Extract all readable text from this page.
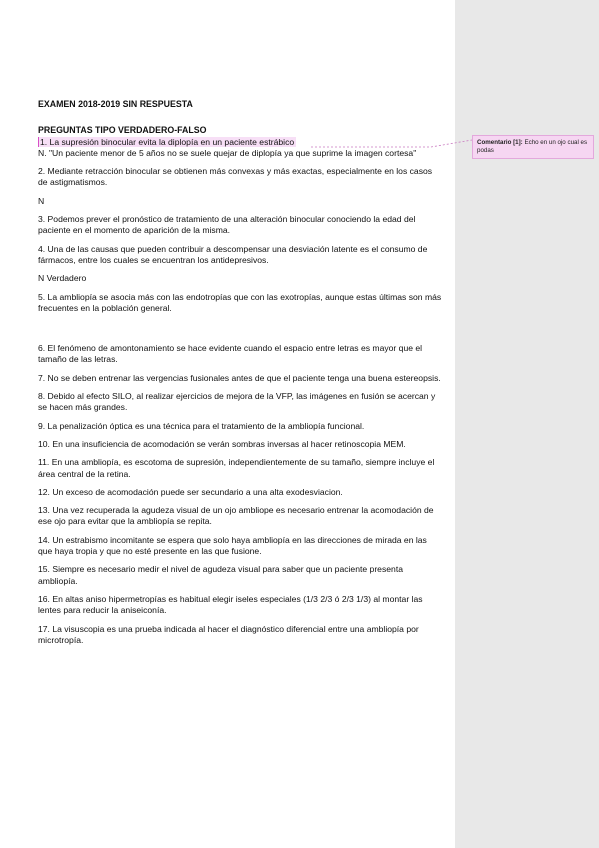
EXAMEN 2018-2019 SIN RESPUESTA

PREGUNTAS TIPO VERDADERO-FALSO

1. La supresión binocular evita la diplopía en un paciente estrábico

N. "Un paciente menor de 5 años no se suele quejar de diplopía ya que suprime la imagen cortesa"

2. Mediante retracción binocular se obtienen más convexas y más exactas, especialmente en los casos de astigmatismos.

N

3. Podemos prever el pronóstico de tratamiento de una alteración binocular conociendo la edad del paciente en el momento de aparición de la misma.

4. Una de las causas que pueden contribuir a descompensar una desviación latente es el consumo de fármacos, entre los cuales se encuentran los antidepresivos.

N Verdadero

5. La ambliopía se asocia más con las endotropías que con las exotropías, aunque estas últimas son más frecuentes en la población general.

6. El fenómeno de amontonamiento se hace evidente cuando el espacio entre letras es mayor que el tamaño de las letras.

7. No se deben entrenar las vergencias fusionales antes de que el paciente tenga una buena estereopsis.

8. Debido al efecto SILO, al realizar ejercicios de mejora de la VFP, las imágenes en fusión se acercan y se hacen más grandes.

9. La penalización óptica es una técnica para el tratamiento de la ambliopía funcional.

10. En una insuficiencia de acomodación se verán sombras inversas al hacer retinoscopia MEM.

11. En una ambliopía, es escotoma de supresión, independientemente de su tamaño, siempre incluye el área central de la retina.

12. Un exceso de acomodación puede ser secundario a una alta exodesviacion.

13. Una vez recuperada la agudeza visual de un ojo ambliope es necesario entrenar la acomodación de ese ojo para evitar que la ambliopía se repita.

14. Un estrabismo incomitante se espera que solo haya ambliopía en las direcciones de mirada en las que haya tropia y que no esté presente en las que fusione.

15. Siempre es necesario medir el nivel de agudeza visual para saber que un paciente presenta ambliopía.

16. En altas aniso hipermetropías es habitual elegir iseles especiales (1/3 2/3 ó 2/3 1/3) al montar las lentes para reducir la aniseiconía.

17. La visuscopia es una prueba indicada al hacer el diagnóstico diferencial entre una ambliopía por microtropía.

Comentario [1]: Echo en un ojo cual es podas
